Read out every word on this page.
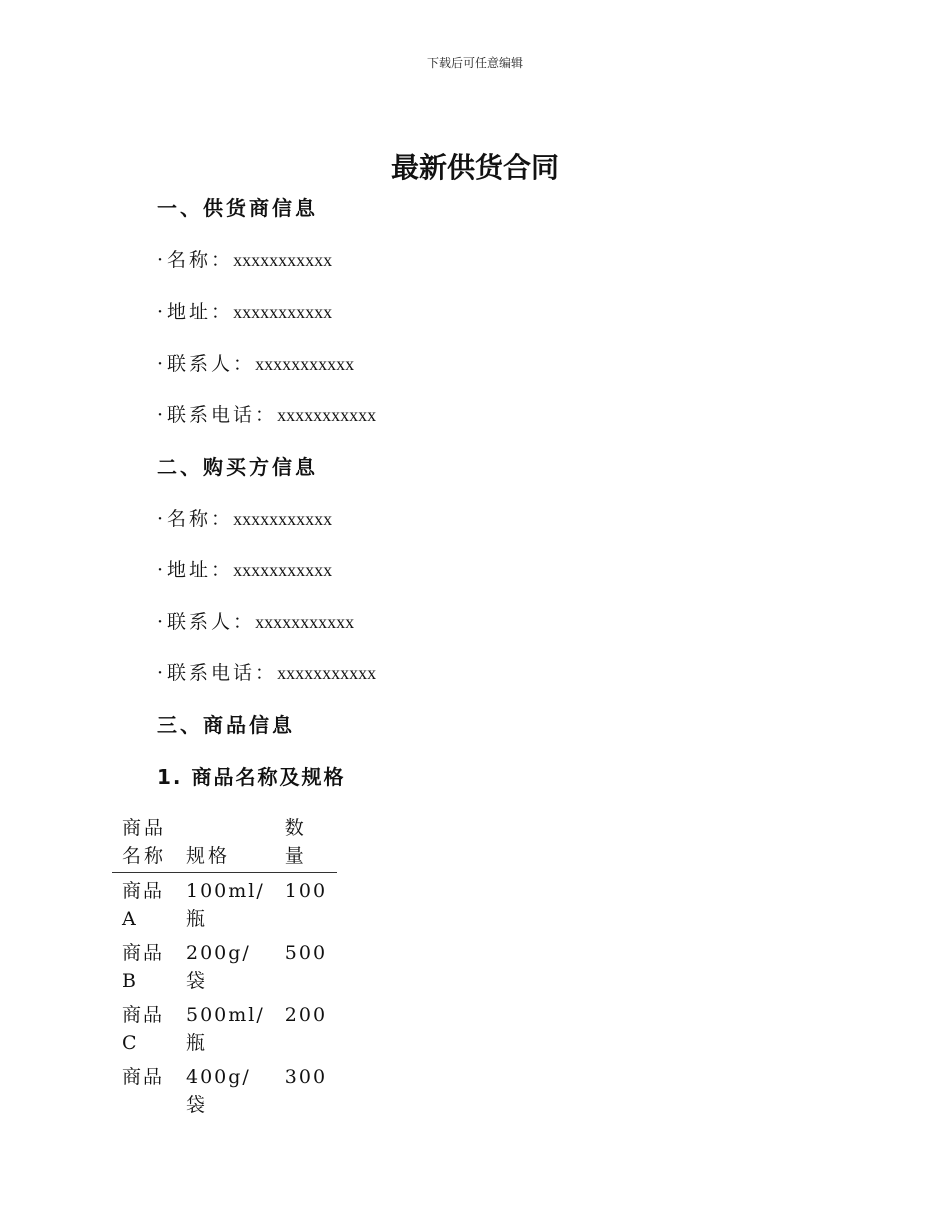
下载后可任意编辑
最新供货合同
一、供货商信息
· 名称：xxxxxxxxxxx
· 地址：xxxxxxxxxxx
· 联系人：xxxxxxxxxxx
· 联系电话：xxxxxxxxxxx
二、购买方信息
· 名称：xxxxxxxxxxx
· 地址：xxxxxxxxxxx
· 联系人：xxxxxxxxxxx
· 联系电话：xxxxxxxxxxx
三、商品信息
1. 商品名称及规格
商品名称	规格	数量
商品A	100ml/瓶	100
商品B	200g/袋	500
商品C	500ml/瓶	200
商品	400g/袋	300
